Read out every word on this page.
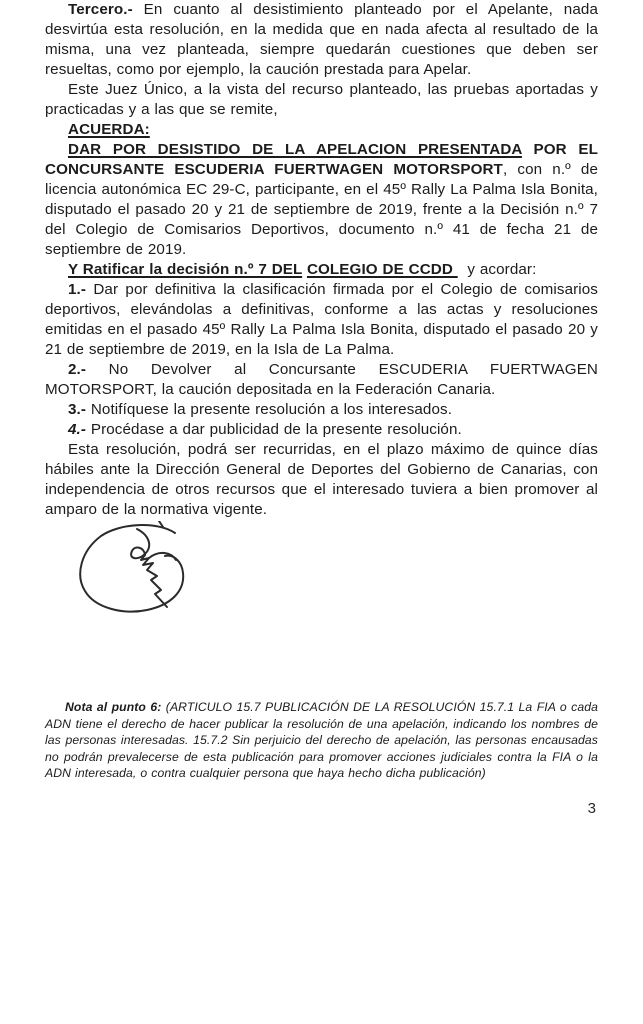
Tercero.- En cuanto al desistimiento planteado por el Apelante, nada desvirtúa esta resolución, en la medida que en nada afecta al resultado de la misma, una vez planteada, siempre quedarán cuestiones que deben ser resueltas, como por ejemplo, la caución prestada para Apelar.

Este Juez Único, a la vista del recurso planteado, las pruebas aportadas y practicadas y a las que se remite,

ACUERDA:

DAR POR DESISTIDO DE LA APELACION PRESENTADA POR EL CONCURSANTE ESCUDERIA FUERTWAGEN MOTORSPORT, con n.º de licencia autonómica EC 29-C, participante, en el 45º Rally La Palma Isla Bonita, disputado el pasado 20 y 21 de septiembre de 2019, frente a la Decisión n.º 7 del Colegio de Comisarios Deportivos, documento n.º 41 de fecha 21 de septiembre de 2019.

Y Ratificar la decisión n.º 7 DEL COLEGIO DE CCDD   y acordar:

1.- Dar por definitiva la clasificación firmada por el Colegio de comisarios deportivos, elevándolas a definitivas, conforme a las actas y resoluciones emitidas en el pasado 45º Rally La Palma Isla Bonita, disputado el pasado 20 y 21 de septiembre de 2019, en la Isla de La Palma.

2.- No Devolver al Concursante ESCUDERIA FUERTWAGEN MOTORSPORT, la caución depositada en la Federación Canaria.

3.- Notifíquese la presente resolución a los interesados.

4.- Procédase a dar publicidad de la presente resolución.

Esta resolución, podrá ser recurridas, en el plazo máximo de quince días hábiles ante la Dirección General de Deportes del Gobierno de Canarias, con independencia de otros recursos que el interesado tuviera a bien promover al amparo de la normativa vigente.

Nota al punto 6: (ARTICULO 15.7 PUBLICACIÓN DE LA RESOLUCIÓN 15.7.1 La FIA o cada ADN tiene el derecho de hacer publicar la resolución de una apelación, indicando los nombres de las personas interesadas. 15.7.2 Sin perjuicio del derecho de apelación, las personas encausadas no podrán prevalecerse de esta publicación para promover acciones judiciales contra la FIA o la ADN interesada, o contra cualquier persona que haya hecho dicha publicación)

3
